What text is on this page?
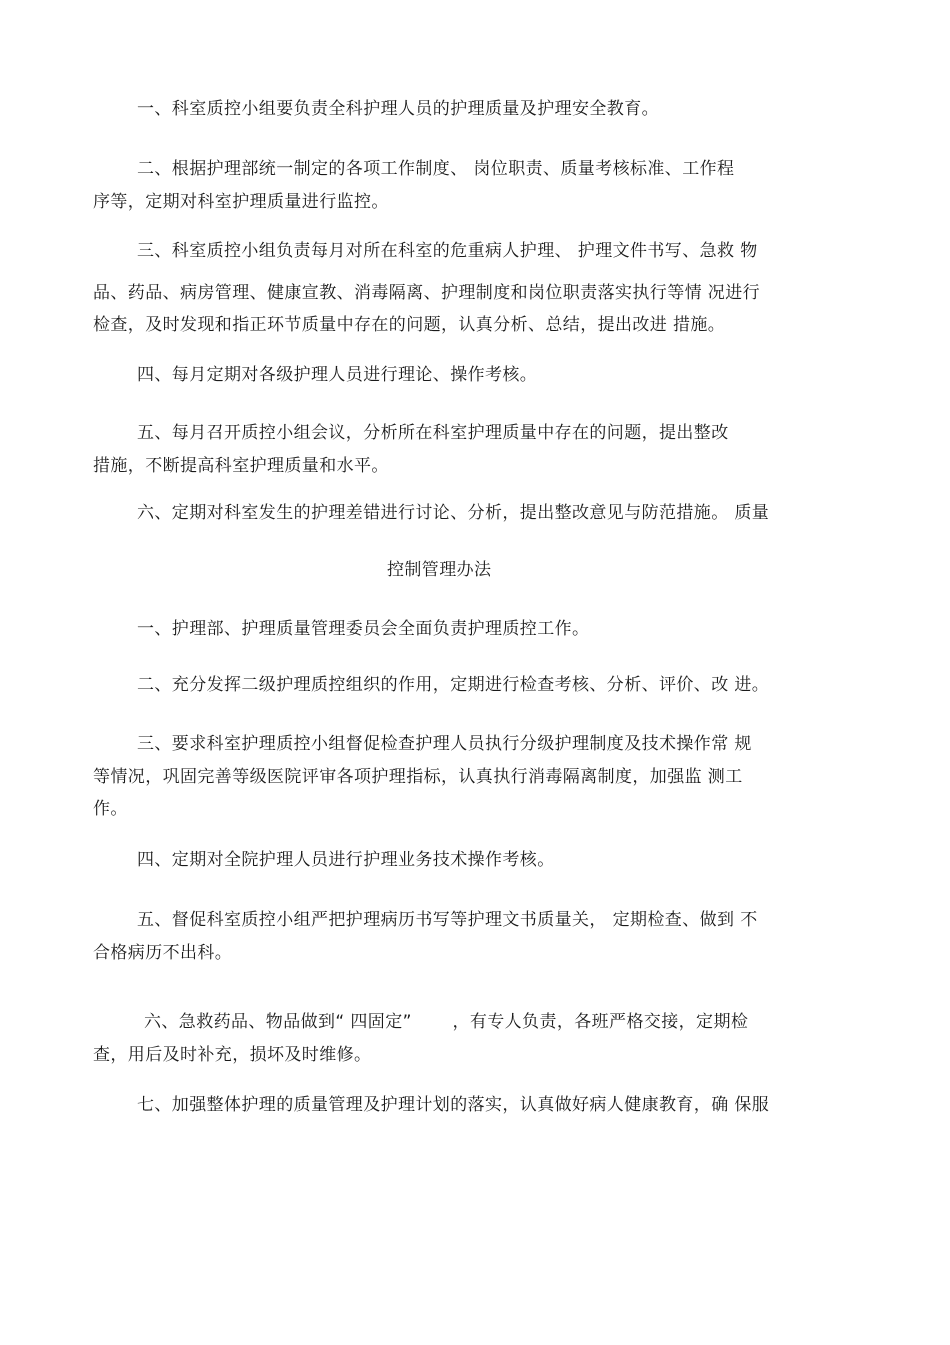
一、科室质控小组要负责全科护理人员的护理质量及护理安全教育。
二、根据护理部统一制定的各项工作制度、 岗位职责、质量考核标准、工作程
序等，定期对科室护理质量进行监控。
三、科室质控小组负责每月对所在科室的危重病人护理、 护理文件书写、急救 物
品、药品、病房管理、健康宣教、消毒隔离、护理制度和岗位职责落实执行等情 况进行
检查，及时发现和指正环节质量中存在的问题，认真分析、总结，提出改进 措施。
四、每月定期对各级护理人员进行理论、操作考核。
五、每月召开质控小组会议，分析所在科室护理质量中存在的问题，提出整改
措施，不断提高科室护理质量和水平。
六、定期对科室发生的护理差错进行讨论、分析，提出整改意见与防范措施。 质量
控制管理办法
一、护理部、护理质量管理委员会全面负责护理质控工作。
二、充分发挥二级护理质控组织的作用，定期进行检查考核、分析、评价、改 进。
三、要求科室护理质控小组督促检查护理人员执行分级护理制度及技术操作常 规
等情况，巩固完善等级医院评审各项护理指标，认真执行消毒隔离制度，加强监 测工
作。
四、定期对全院护理人员进行护理业务技术操作考核。
五、督促科室质控小组严把护理病历书写等护理文书质量关， 定期检查、做到 不
合格病历不出科。
六、急救药品、物品做到“ 四固定”       ，有专人负责，各班严格交接，定期检
查，用后及时补充，损坏及时维修。
七、加强整体护理的质量管理及护理计划的落实，认真做好病人健康教育，确 保服
